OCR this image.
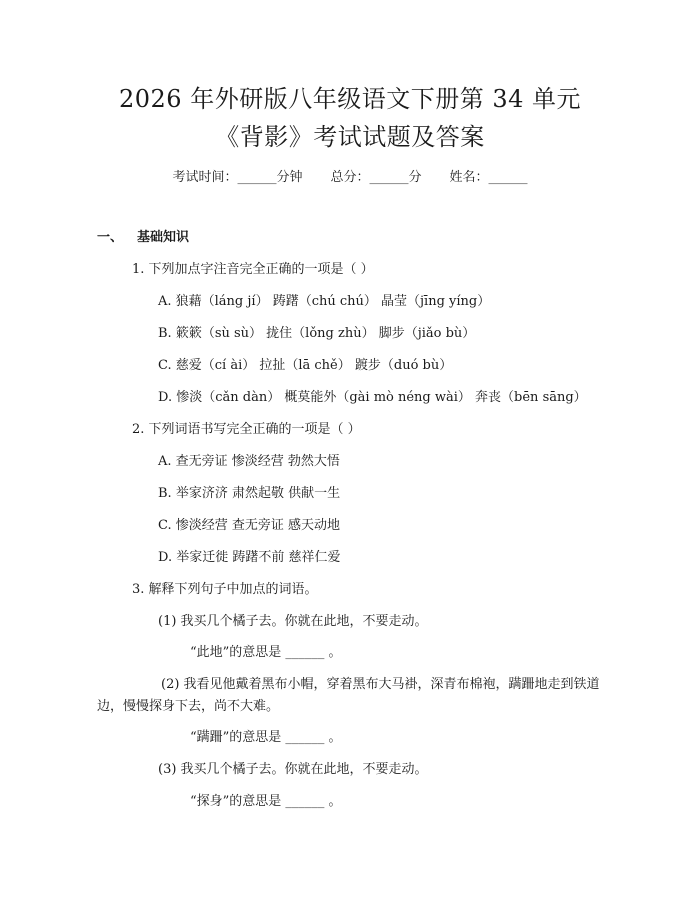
2026 年外研版八年级语文下册第 34 单元
《背影》考试试题及答案
考试时间：______分钟 总分：______分 姓名：______
一、 基础知识
1. 下列加点字注音完全正确的一项是（ ）
A. 狼藉（láng jí） 踌躇（chú chú） 晶莹（jīng yíng）
B. 簌簌（sù sù） 拢住（lǒng zhù） 脚步（jiǎo bù）
C. 慈爱（cí ài） 拉扯（lā chě） 踱步（duó bù）
D. 惨淡（cǎn dàn） 概莫能外（gài mò néng wài） 奔丧（bēn sāng）
2. 下列词语书写完全正确的一项是（ ）
A. 查无旁证 惨淡经营 勃然大悟
B. 举家济济 肃然起敬 供献一生
C. 惨淡经营 查无旁证 感天动地
D. 举家迁徙 踌躇不前 慈祥仁爱
3. 解释下列句子中加点的词语。
(1) 我买几个橘子去。你就在此地，不要走动。
“此地”的意思是 ______ 。
(2) 我看见他戴着黑布小帽，穿着黑布大马褂，深青布棉袍，蹒跚地走到铁道边，慢慢探身下去，尚不大难。
“蹒跚”的意思是 ______ 。
(3) 我买几个橘子去。你就在此地，不要走动。
“探身”的意思是 ______ 。
